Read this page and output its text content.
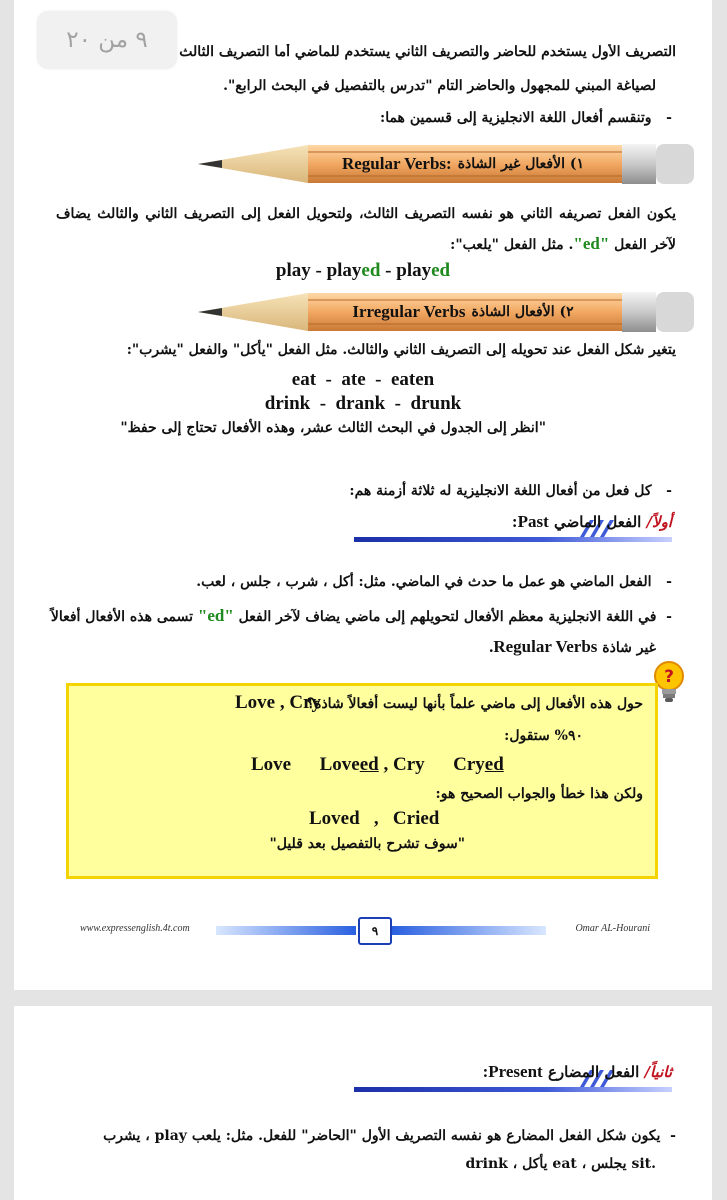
٩ من ٢٠	التصريف الأول يستخدم للحاضر والتصريف الثاني يستخدم للماضي أما التصريف الثالث
لصياغة المبني للمجهول والحاضر التام "تدرس بالتفصيل في البحث الرابع".
-   وتنقسم أفعال اللغة الانجليزية إلى قسمين هما:
١) الأفعال غير الشاذة
Regular Verbs:
يكون الفعل تصريفه الثاني هو نفسه التصريف الثالث، ولتحويل الفعل إلى التصريف الثاني والثالث يضاف
لآخر الفعل "ed". مثل الفعل "يلعب":
play - played - played
٢) الأفعال الشاذة
Irregular Verbs
يتغير شكل الفعل عند تحويله إلى التصريف الثاني والثالث. مثل الفعل "يأكل" والفعل "يشرب":
eat  -  ate  -  eaten
drink  -  drank  -  drunk
"انظر إلى الجدول في البحث الثالث عشر، وهذه الأفعال تحتاج إلى حفظ"
-   كل فعل من أفعال اللغة الانجليزية له ثلاثة أزمنة هم:
أولاً/ الفعل الماضي Past:
-   الفعل الماضي هو عمل ما حدث في الماضي. مثل: أكل ، شرب ، جلس ، لعب.
-  في اللغة الانجليزية معظم الأفعال لتحويلهم إلى ماضي يضاف لآخر الفعل "ed" تسمى هذه الأفعال أفعالاً
غير شاذة Regular Verbs.
?
حول هذه الأفعال إلى ماضي علماً بأنها ليست أفعالاً شاذة؟
Love , Cry
٩٠% ستقول:
Love Loveed , Cry Cryed
ولكن هذا خطأ والجواب الصحيح هو:
Loved   ,   Cried
"سوف تشرح بالتفصيل بعد قليل"
www.expressenglish.4t.com	٩	Omar AL-Hourani
ثانياً/ الفعل المضارع Present:
-  يكون شكل الفعل المضارع هو نفسه التصريف الأول "الحاضر" للفعل. مثل: يلعب play ، يشرب
drink ، يأكل eat ، يجلس sit.
